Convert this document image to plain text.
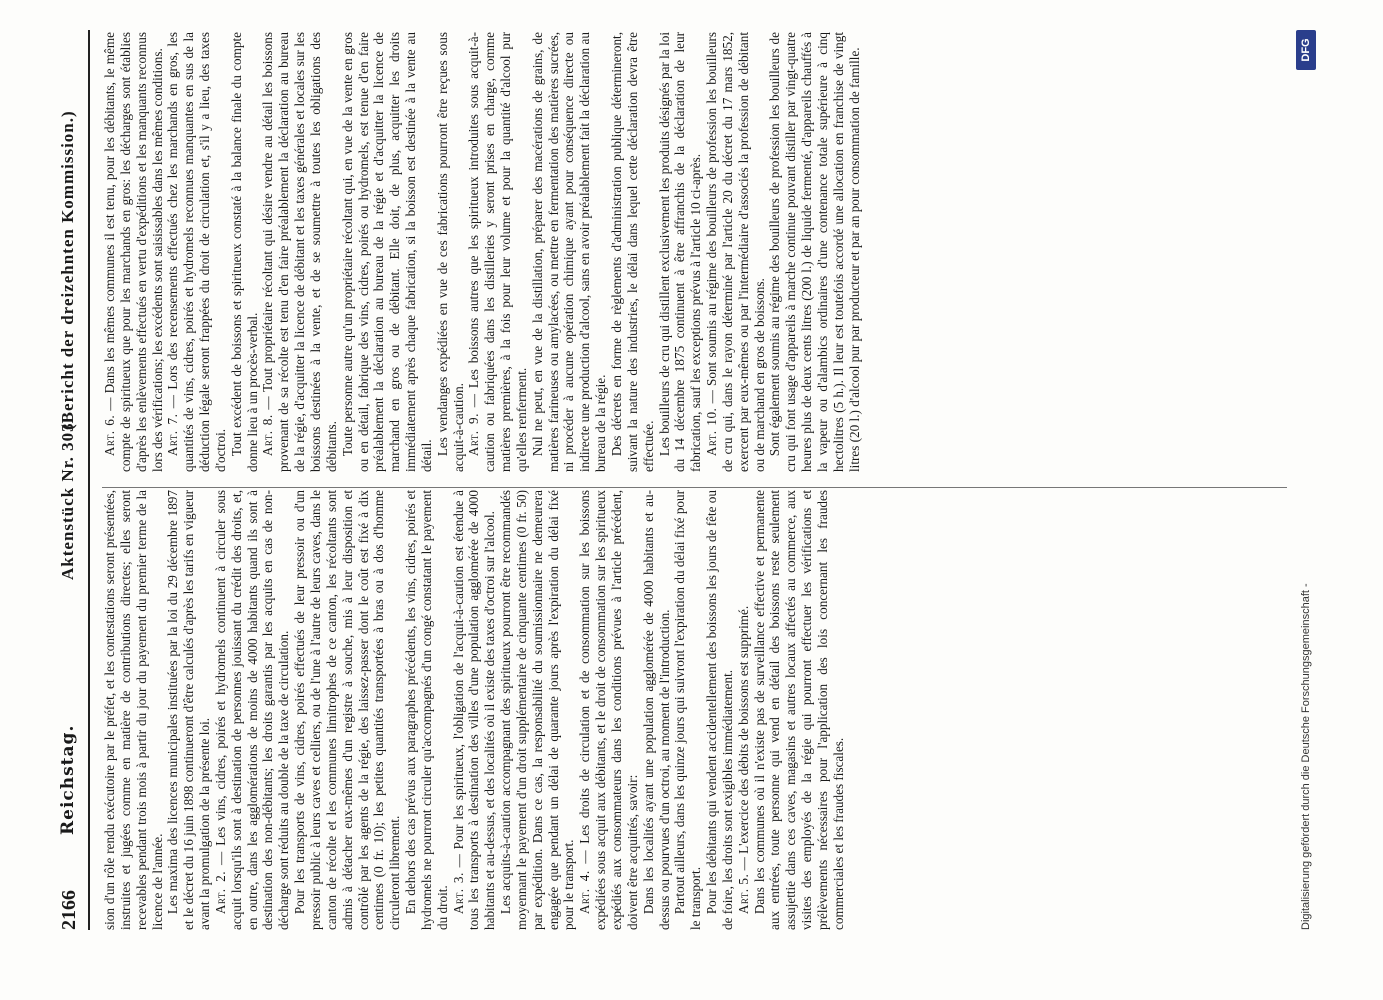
2166
Reichstag.
Aktenstück Nr. 303.
(Bericht der dreizehnten Kommission.)

sion d'un rôle rendu exécutoire par le préfet, et les contestations seront présentées, instruites et jugées comme en matière de contributions directes; elles seront recevables pendant trois mois à partir du jour du payement du premier terme de la licence de l'année. Les maxima des licences municipales instituées par la loi du 29 décembre 1897 et le décret du 16 juin 1898 continueront d'être calculés d'après les tarifs en vigueur avant la promulgation de la présente loi. Art. 2. — Les vins, cidres, poirés et hydromels continuent à circuler sous acquit lorsqu'ils sont à destination de personnes jouissant du crédit des droits, et, en outre, dans les agglomérations de moins de 4000 habitants quand ils sont à destination des non-débitants; les droits garantis par les acquits en cas de non-décharge sont réduits au double de la taxe de circulation. Pour les transports de vins, cidres, poirés effectués de leur pressoir ou d'un pressoir public à leurs caves et celliers, ou de l'une à l'autre de leurs caves, dans le canton de récolte et les communes limitrophes de ce canton, les récoltants sont admis à détacher eux-mêmes d'un registre à souche, mis à leur disposition et contrôlé par les agents de la régie, des laissez-passer dont le coût est fixé à dix centimes (0 fr. 10); les petites quantités transportées à bras ou à dos d'homme circuleront librement. En dehors des cas prévus aux paragraphes précédents, les vins, cidres, poirés et hydromels ne pourront circuler qu'accompagnés d'un congé constatant le payement du droit. Art. 3. — Pour les spiritueux, l'obligation de l'acquit-à-caution est étendue à tous les transports à destination des villes d'une population agglomérée de 4000 habitants et au-dessus, et des localités où il existe des taxes d'octroi sur l'alcool. Les acquits-à-caution accompagnant des spiritueux pourront être recommandés moyennant le payement d'un droit supplémentaire de cinquante centimes (0 fr. 50) par expédition. Dans ce cas, la responsabilité du soumissionnaire ne demeurera engagée que pendant un délai de quarante jours après l'expiration du délai fixé pour le transport. Art. 4. — Les droits de circulation et de consommation sur les boissons expédiées sous acquit aux débitants, et le droit de consommation sur les spiritueux expédiés aux consommateurs dans les conditions prévues à l'article précédent, doivent être acquittés, savoir: Dans les localités ayant une population agglomérée de 4000 habitants et au-dessus ou pourvues d'un octroi, au moment de l'introduction. Partout ailleurs, dans les quinze jours qui suivront l'expiration du délai fixé pour le transport. Pour les débitants qui vendent accidentellement des boissons les jours de fête ou de foire, les droits sont exigibles immédiatement. Art. 5. — L'exercice des débits de boissons est supprimé. Dans les communes où il n'existe pas de surveillance effective et permanente aux entrées, toute personne qui vend en détail des boissons reste seulement assujettie dans ces caves, magasins et autres locaux affectés au commerce, aux visites des employés de la régie qui pourront effectuer les vérifications et prélèvements nécessaires pour l'application des lois concernant les fraudes commerciales et les fraudes fiscales.

Art. 6. — Dans les mêmes communes il est tenu, pour les débitants, le même compte de spiritueux que pour les marchands en gros: les décharges sont établies d'après les enlèvements effectués en vertu d'expéditions et les manquants reconnus lors des vérifications; les excédents sont saisissables dans les mêmes conditions. Art. 7. — Lors des recensements effectués chez les marchands en gros, les quantités de vins, cidres, poirés et hydromels reconnues manquantes en sus de la déduction légale seront frappées du droit de circulation et, s'il y a lieu, des taxes d'octroi. Tout excédent de boissons et spiritueux constaté à la balance finale du compte donne lieu à un procès-verbal. Art. 8. — Tout propriétaire récoltant qui désire vendre au détail les boissons provenant de sa récolte est tenu d'en faire préalablement la déclaration au bureau de la régie, d'acquitter la licence de débitant et les taxes générales et locales sur les boissons destinées à la vente, et de se soumettre à toutes les obligations des débitants. Toute personne autre qu'un propriétaire récoltant qui, en vue de la vente en gros ou en détail, fabrique des vins, cidres, poirés ou hydromels, est tenue d'en faire préalablement la déclaration au bureau de la régie et d'acquitter la licence de marchand en gros ou de débitant. Elle doit, de plus, acquitter les droits immédiatement après chaque fabrication, si la boisson est destinée à la vente au détail. Les vendanges expédiées en vue de ces fabrications pourront être reçues sous acquit-à-caution. Art. 9. — Les boissons autres que les spiritueux introduites sous acquit-à-caution ou fabriquées dans les distilleries y seront prises en charge, comme matières premières, à la fois pour leur volume et pour la quantité d'alcool pur qu'elles renferment. Nul ne peut, en vue de la distillation, préparer des macérations de grains, de matières farineuses ou amylacées, ou mettre en fermentation des matières sucrées, ni procéder à aucune opération chimique ayant pour conséquence directe ou indirecte une production d'alcool, sans en avoir préalablement fait la déclaration au bureau de la régie. Des décrets en forme de règlements d'administration publique détermineront, suivant la nature des industries, le délai dans lequel cette déclaration devra être effectuée. Les bouilleurs de cru qui distillent exclusivement les produits désignés par la loi du 14 décembre 1875 continuent à être affranchis de la déclaration de leur fabrication, sauf les exceptions prévus à l'article 10 ci-après. Art. 10. — Sont soumis au régime des bouilleurs de profession les bouilleurs de cru qui, dans le rayon déterminé par l'article 20 du décret du 17 mars 1852, exercent par eux-mêmes ou par l'intermédiaire d'associés la profession de débitant ou de marchand en gros de boissons. Sont également soumis au régime des bouilleurs de profession les bouilleurs de cru qui font usage d'appareils à marche continue pouvant distiller par vingt-quatre heures plus de deux cents litres (200 l.) de liquide fermenté, d'appareils chauffés à la vapeur ou d'alambics ordinaires d'une contenance totale supérieure à cinq hectolitres (5 h.). Il leur est toutefois accordé une allocation en franchise de vingt litres (20 l.) d'alcool pur par producteur et par an pour consommation de famille.

Digitalisierung gefördert durch die Deutsche Forschungsgemeinschaft -
DFG
